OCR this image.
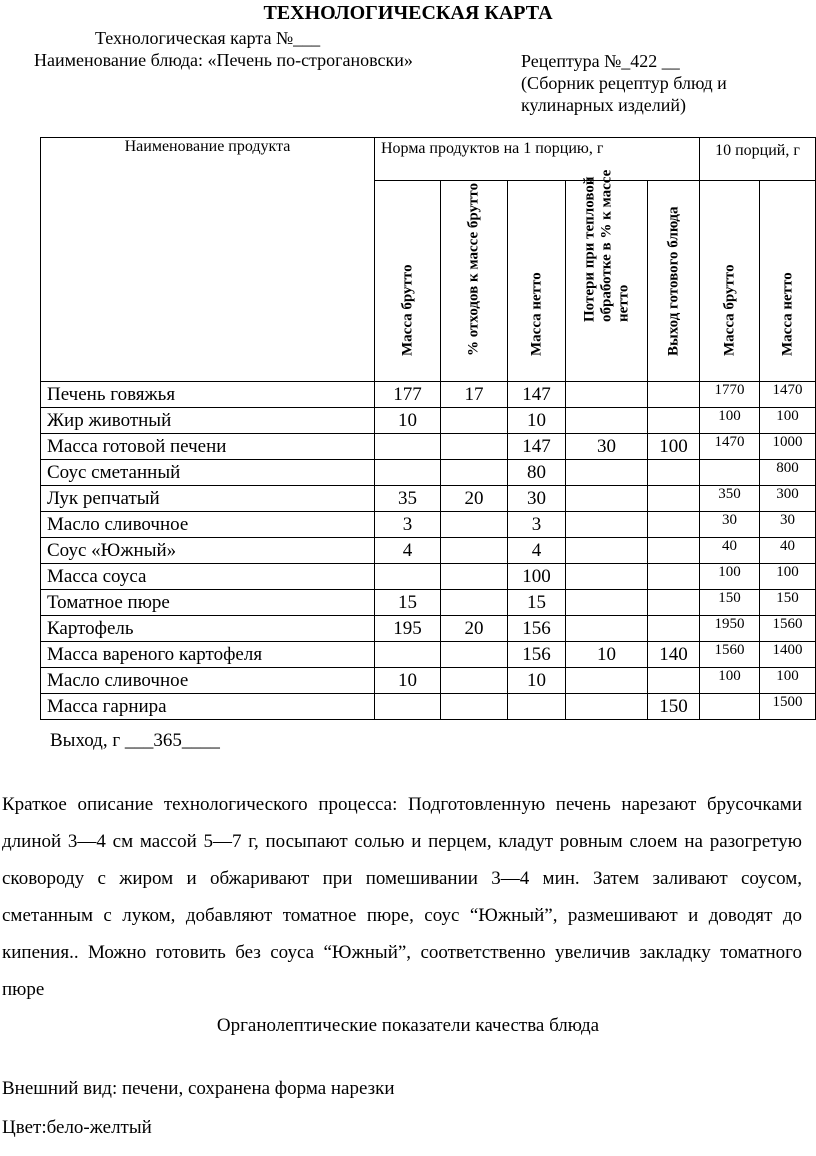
ТЕХНОЛОГИЧЕСКАЯ КАРТА
Технологическая карта №___
Наименование блюда: «Печень по-строгановски»	Рецептура №_422 __
(Сборник рецептур блюд и
кулинарных изделий)
Наименование продукта	Норма продуктов на 1 порцию, г					10 порций, г	

	Масса брутто	% отходов к массе брутто	Масса нетто	Потери при тепловой обработке в % к массе нетто	Выход готового блюда	Масса брутто	Масса нетто

Печень говяжья	177	17	147			1770	1470
Жир животный	10		10			100	100
Масса готовой печени			147	30	100	1470	1000
Соус сметанный			80				800
Лук репчатый	35	20	30			350	300
Масло сливочное	3		3			30	30
Соус «Южный»	4		4			40	40
Масса соуса			100			100	100
Томатное пюре	15		15			150	150
Картофель	195	20	156			1950	1560
Масса вареного картофеля			156	10	140	1560	1400
Масло сливочное	10		10			100	100
Масса гарнира					150		1500
Выход, г ___365____
Краткое описание технологического процесса: Подготовленную печень нарезают брусочками длиной 3—4 см массой 5—7 г, посыпают солью и перцем, кладут ровным слоем на разогретую сковороду с жиром и обжаривают при помешивании 3—4 мин. Затем заливают соусом, сметанным с луком, добавляют томатное пюре, соус “Южный”, размешивают и доводят до кипения.. Можно готовить без соуса “Южный”, соответственно увеличив закладку томатного пюре
Органолептические показатели качества блюда
Внешний вид: печени, сохранена форма нарезки
Цвет:бело-желтый
